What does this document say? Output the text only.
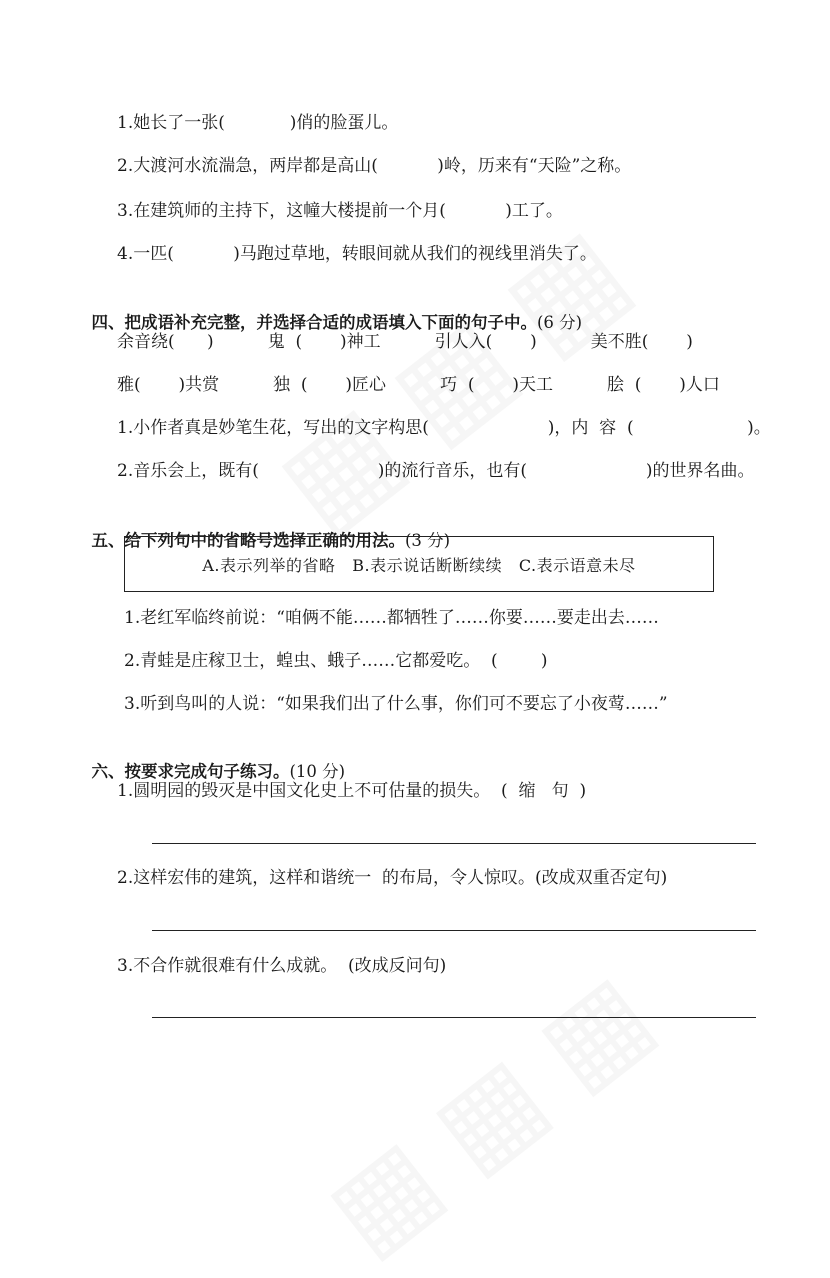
1.她长了一张(            )俏的脸蛋儿。
2.大渡河水流湍急，两岸都是高山(           )岭，历来有“天险”之称。
3.在建筑师的主持下，这幢大楼提前一个月(           )工了。
4.一匹(           )马跑过草地，转眼间就从我们的视线里消失了。

四、把成语补充完整，并选择合适的成语填入下面的句子中。(6 分)

余音绕(      )          鬼  (       )神工          引人入(       )          美不胜(       )
雅(       )共赏          独  (       )匠心          巧  (       )天工          脍  (       )人口
1.小作者真是妙笔生花，写出的文字构思(                      )，内  容  (                     )。
2.音乐会上，既有(                      )的流行音乐，也有(                      )的世界名曲。

五、给下列句中的省略号选择正确的用法。(3 分)

A.表示列举的省略   B.表示说话断断续续   C.表示语意未尽
1.老红军临终前说：“咱俩不能……都牺牲了……你要……要走出去……
2.青蛙是庄稼卫士，蝗虫、蛾子……它都爱吃。  (        )
3.听到鸟叫的人说：“如果我们出了什么事，你们可不要忘了小夜莺……”

六、按要求完成句子练习。(10 分)

1.圆明园的毁灭是中国文化史上不可估量的损失。  (  缩   句  )
2.这样宏伟的建筑，这样和谐统一  的布局，令人惊叹。(改成双重否定句)
3.不合作就很难有什么成就。  (改成反问句)
